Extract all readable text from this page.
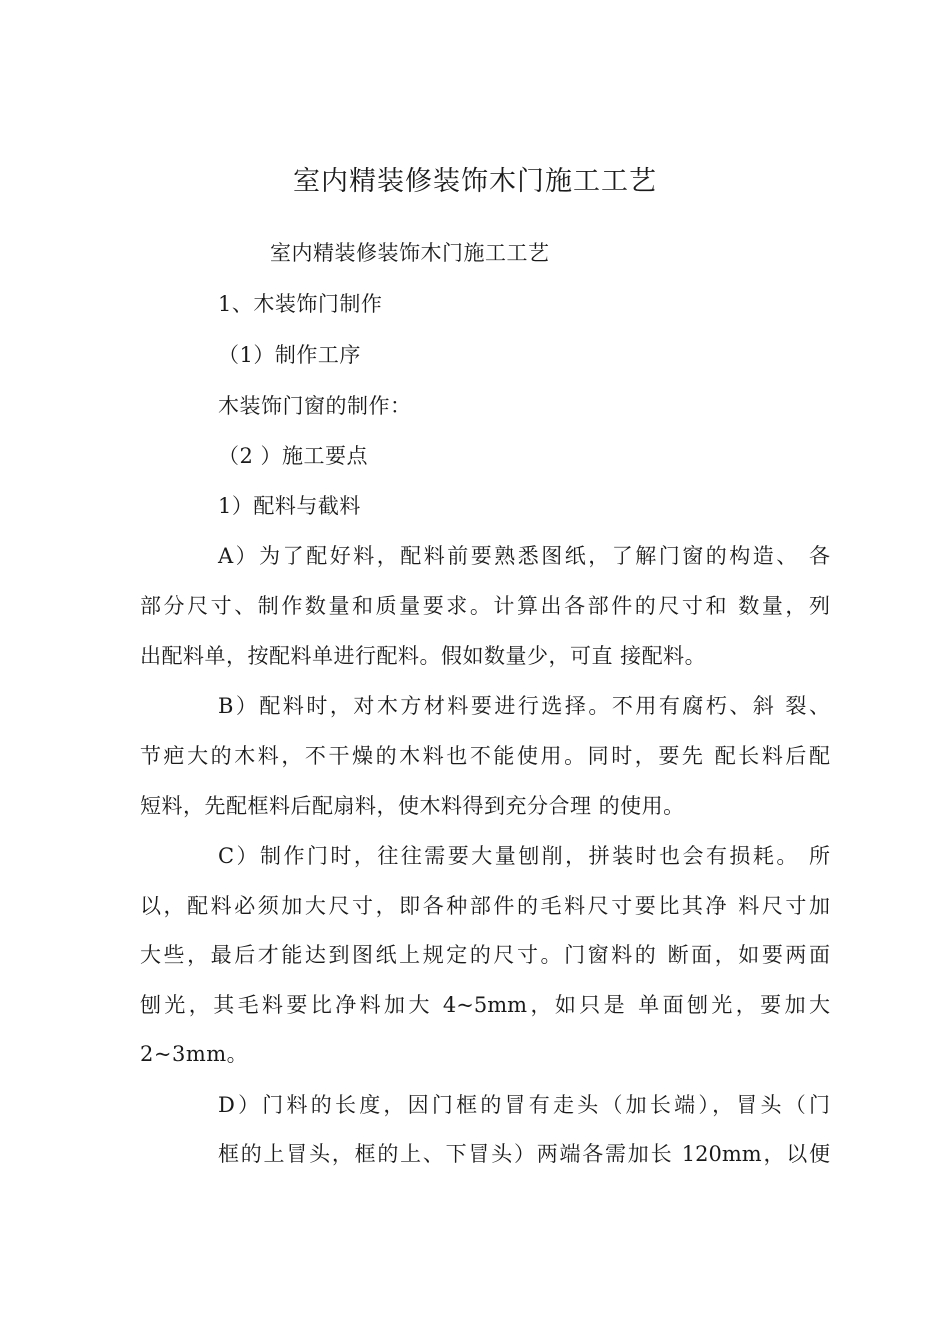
室内精装修装饰木门施工工艺
室内精装修装饰木门施工工艺
1、木装饰门制作
（1）制作工序
木装饰门窗的制作：
（2 ）施工要点
1）配料与截料
A）为了配好料，配料前要熟悉图纸，了解门窗的构造、 各
部分尺寸、制作数量和质量要求。计算出各部件的尺寸和 数量，列
出配料单，按配料单进行配料。假如数量少，可直 接配料。
B）配料时，对木方材料要进行选择。不用有腐朽、斜 裂、
节疤大的木料，不干燥的木料也不能使用。同时，要先 配长料后配
短料，先配框料后配扇料，使木料得到充分合理 的使用。
C）制作门时，往往需要大量刨削，拼装时也会有损耗。 所
以，配料必须加大尺寸，即各种部件的毛料尺寸要比其净 料尺寸加
大些，最后才能达到图纸上规定的尺寸。门窗料的 断面，如要两面
刨光，其毛料要比净料加大 4~5mm，如只是 单面刨光，要加大
2~3mm。
D）门料的长度，因门框的冒有走头（加长端），冒头（门
框的上冒头，框的上、下冒头）两端各需加长 120mm，以便
